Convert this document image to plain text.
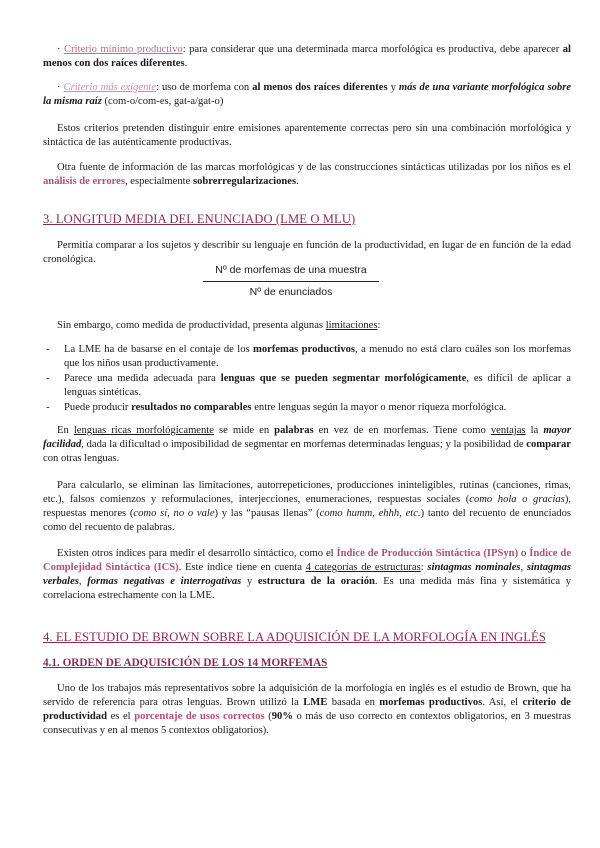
· Criterio mínimo productivo: para considerar que una determinada marca morfológica es productiva, debe aparecer al menos con dos raíces diferentes.

· Criterio más exigente: uso de morfema con al menos dos raíces diferentes y más de una variante morfológica sobre la misma raíz (com-o/com-es, gat-a/gat-o)

Estos criterios pretenden distinguir entre emisiones aparentemente correctas pero sin una combinación morfológica y sintáctica de las auténticamente productivas.

Otra fuente de información de las marcas morfológicas y de las construcciones sintácticas utilizadas por los niños es el análisis de errores, especialmente sobrerregularizaciones.

3. LONGITUD MEDIA DEL ENUNCIADO (LME O MLU)

Permitía comparar a los sujetos y describir su lenguaje en función de la productividad, en lugar de en función de la edad cronológica.

Nº de morfemas de una muestra
Nº de enunciados

Sin embargo, como medida de productividad, presenta algunas limitaciones:

- La LME ha de basarse en el contaje de los morfemas productivos, a menudo no está claro cuáles son los morfemas que los niños usan productivamente.
- Parece una medida adecuada para lenguas que se pueden segmentar morfológicamente, es difícil de aplicar a lenguas sintéticas.
- Puede producir resultados no comparables entre lenguas según la mayor o menor riqueza morfológica.

En lenguas ricas morfológicamente se mide en palabras en vez de en morfemas. Tiene como ventajas la mayor facilidad, dada la dificultad o imposibilidad de segmentar en morfemas determinadas lenguas; y la posibilidad de comparar con otras lenguas.

Para calcularlo, se eliminan las limitaciones, autorrepeticiones, producciones ininteligibles, rutinas (canciones, rimas, etc.), falsos comienzos y reformulaciones, interjecciones, enumeraciones, respuestas sociales (como hola o gracias), respuestas menores (como sí, no o vale) y las “pausas llenas” (como humm, ehhh, etc.) tanto del recuento de enunciados como del recuento de palabras.

Existen otros índices para medir el desarrollo sintáctico, como el Índice de Producción Sintáctica (IPSyn) o Índice de Complejidad Sintáctica (ICS). Este índice tiene en cuenta 4 categorías de estructuras: sintagmas nominales, sintagmas verbales, formas negativas e interrogativas y estructura de la oración. Es una medida más fina y sistemática y correlaciona estrechamente con la LME.

4. EL ESTUDIO DE BROWN SOBRE LA ADQUISICIÓN DE LA MORFOLOGÍA EN INGLÉS
4.1. ORDEN DE ADQUISICIÓN DE LOS 14 MORFEMAS

Uno de los trabajos más representativos sobre la adquisición de la morfología en inglés es el estudio de Brown, que ha servido de referencia para otras lenguas. Brown utilizó la LME basada en morfemas productivos. Así, el criterio de productividad es el porcentaje de usos correctos (90% o más de uso correcto en contextos obligatorios, en 3 muestras consecutivas y en al menos 5 contextos obligatorios).
